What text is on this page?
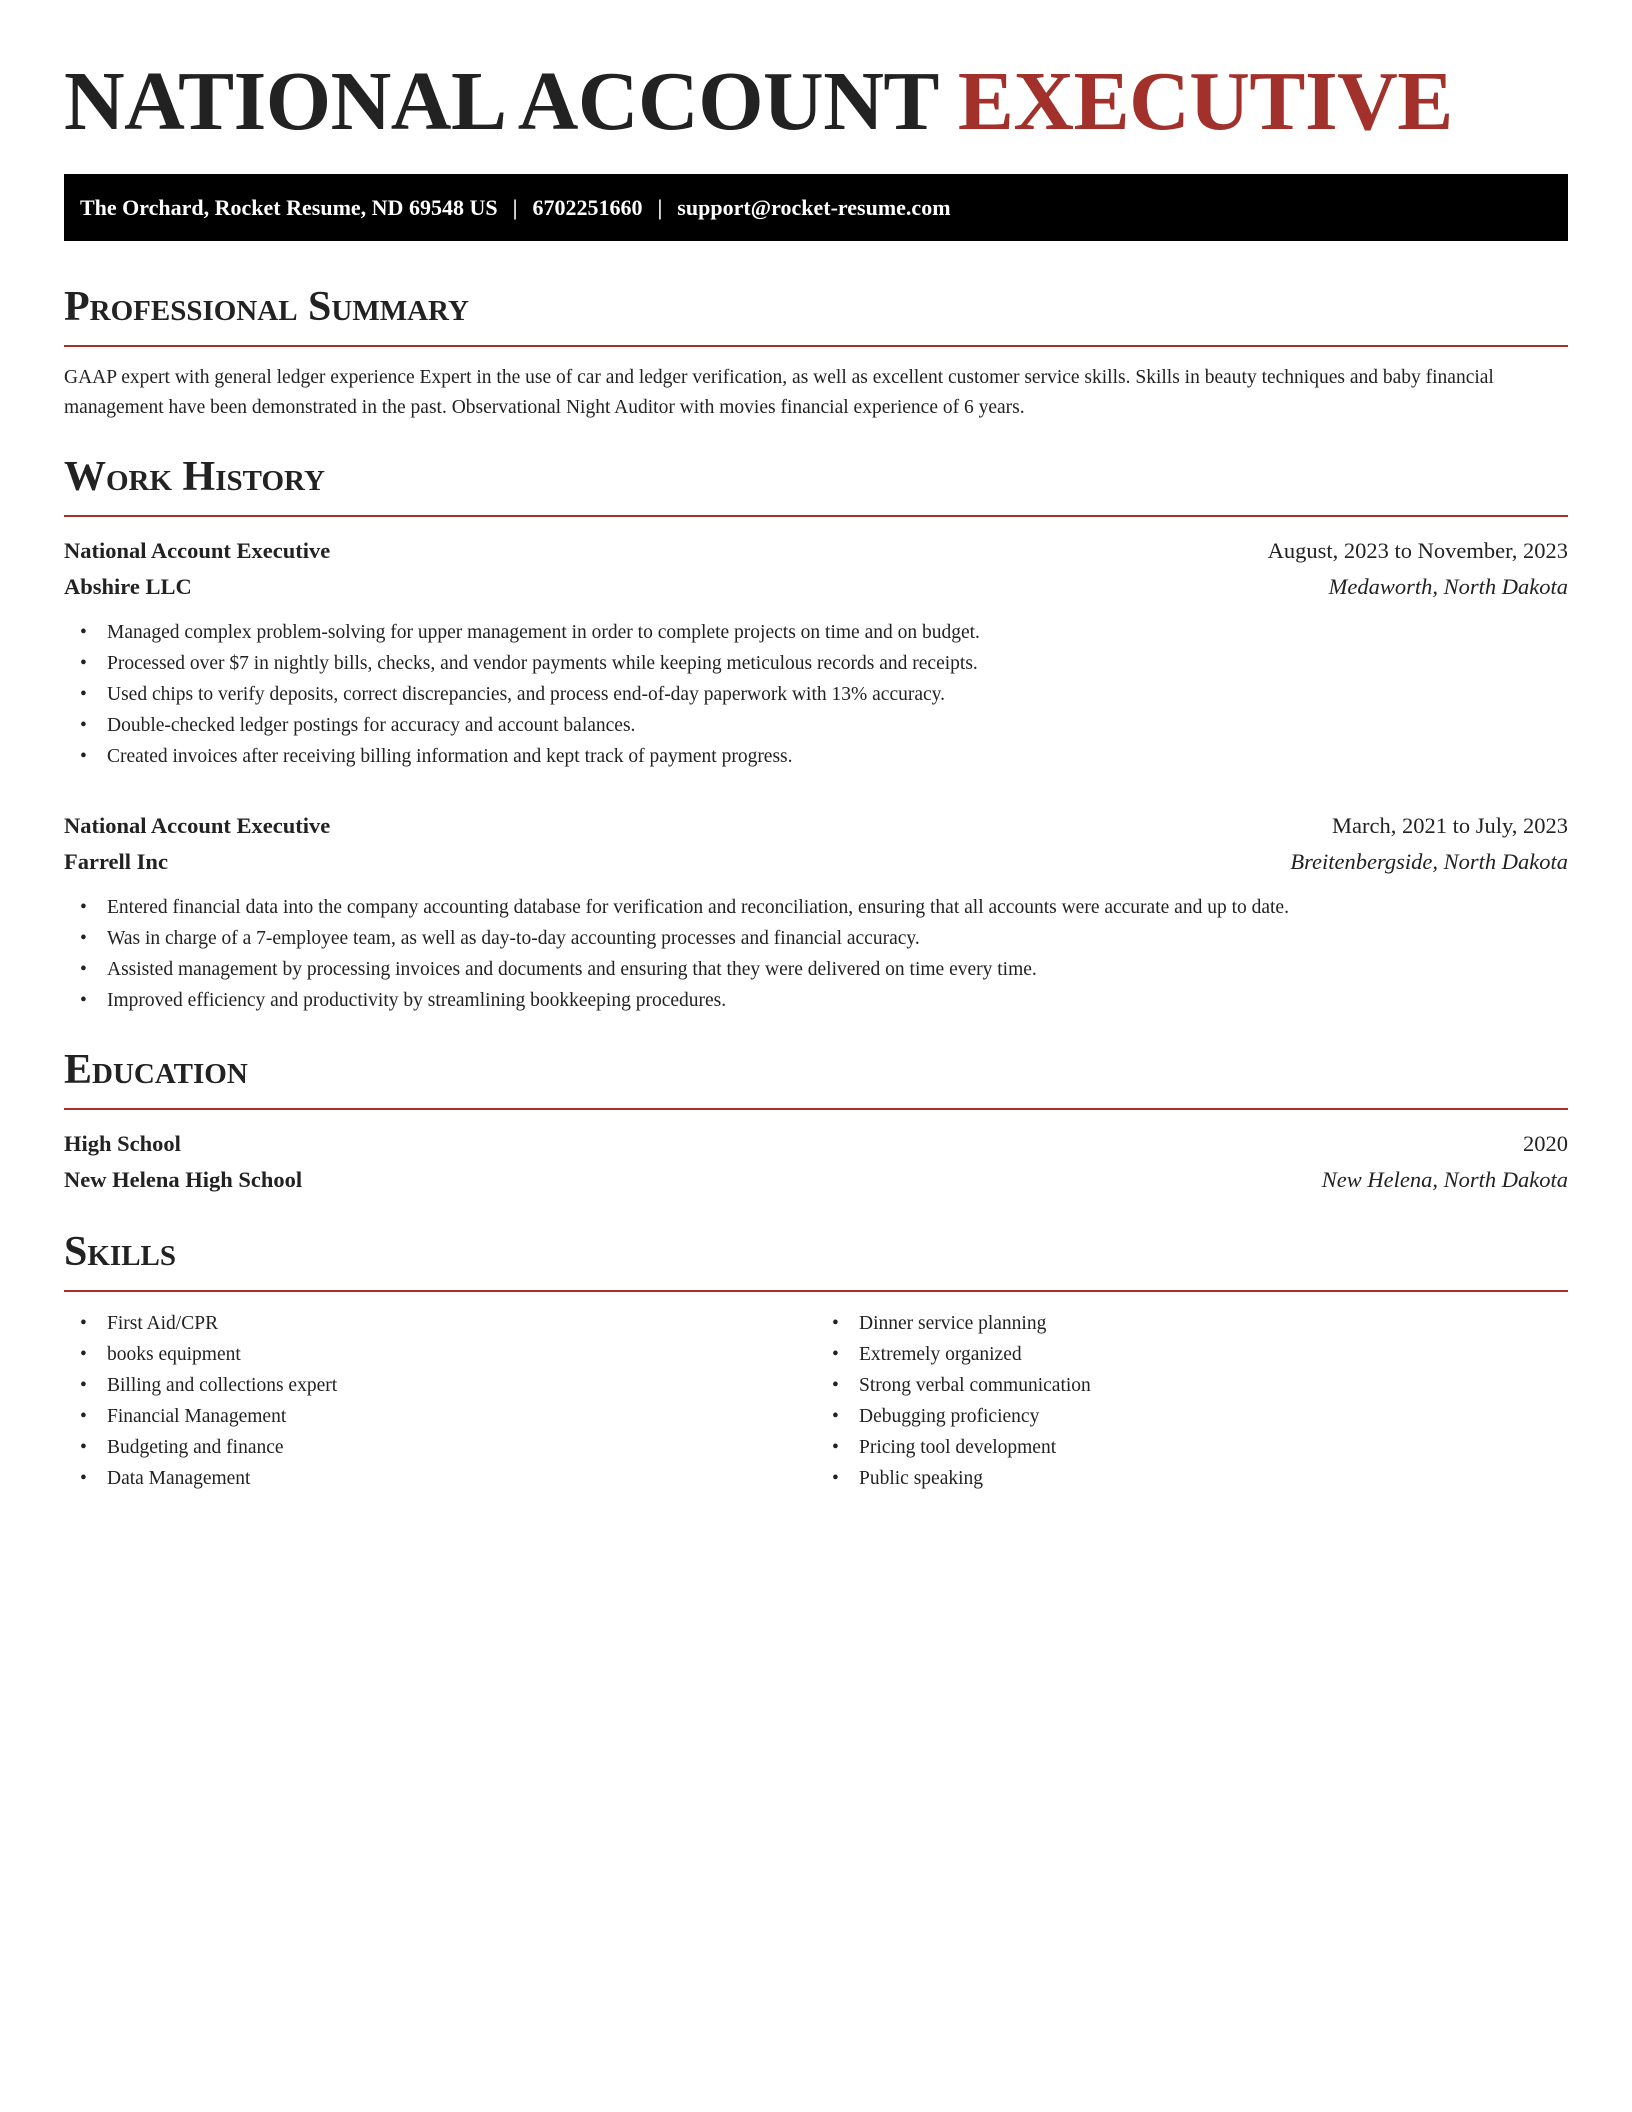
NATIONAL ACCOUNT EXECUTIVE
The Orchard, Rocket Resume, ND 69548 US | 6702251660 | support@rocket-resume.com
Professional Summary

GAAP expert with general ledger experience Expert in the use of car and ledger verification, as well as excellent customer service skills. Skills in beauty techniques and baby financial management have been demonstrated in the past. Observational Night Auditor with movies financial experience of 6 years.

Work History
National Account Executive	August, 2023 to November, 2023
Abshire LLC	Medaworth, North Dakota
• Managed complex problem-solving for upper management in order to complete projects on time and on budget.
• Processed over $7 in nightly bills, checks, and vendor payments while keeping meticulous records and receipts.
• Used chips to verify deposits, correct discrepancies, and process end-of-day paperwork with 13% accuracy.
• Double-checked ledger postings for accuracy and account balances.
• Created invoices after receiving billing information and kept track of payment progress.
National Account Executive	March, 2021 to July, 2023
Farrell Inc	Breitenbergside, North Dakota
• Entered financial data into the company accounting database for verification and reconciliation, ensuring that all accounts were accurate and up to date.
• Was in charge of a 7-employee team, as well as day-to-day accounting processes and financial accuracy.
• Assisted management by processing invoices and documents and ensuring that they were delivered on time every time.
• Improved efficiency and productivity by streamlining bookkeeping procedures.
Education
High School	2020
New Helena High School	New Helena, North Dakota
Skills
• First Aid/CPR
• books equipment
• Billing and collections expert
• Financial Management
• Budgeting and finance
• Data Management
• Dinner service planning
• Extremely organized
• Strong verbal communication
• Debugging proficiency
• Pricing tool development
• Public speaking
